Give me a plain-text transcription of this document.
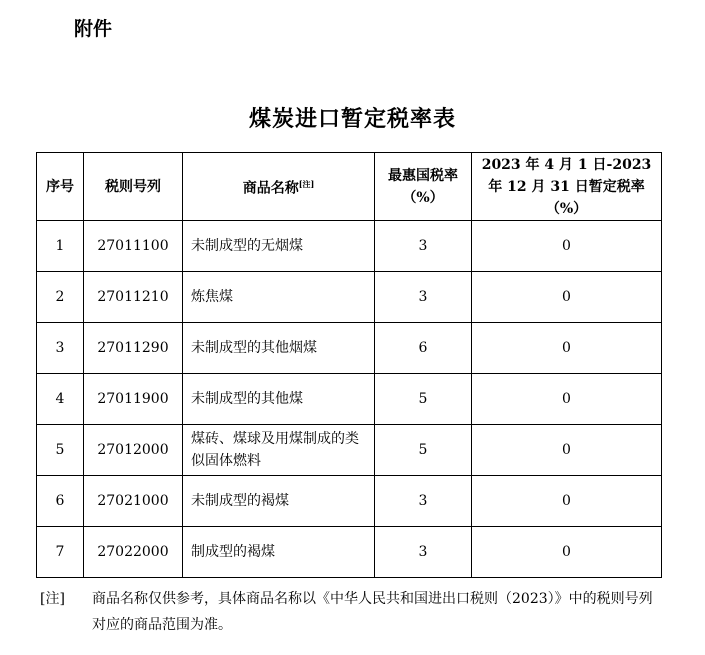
附件
煤炭进口暂定税率表
序号	税则号列	商品名称[注]	最惠国税率（%）	2023 年 4 月 1 日-2023 年 12 月 31 日暂定税率（%）
1	27011100	未制成型的无烟煤	3	0
2	27011210	炼焦煤	3	0
3	27011290	未制成型的其他烟煤	6	0
4	27011900	未制成型的其他煤	5	0
5	27012000	煤砖、煤球及用煤制成的类似固体燃料	5	0
6	27021000	未制成型的褐煤	3	0
7	27022000	制成型的褐煤	3	0
[注] 商品名称仅供参考，具体商品名称以《中华人民共和国进出口税则（2023）》中的税则号列对应的商品范围为准。
